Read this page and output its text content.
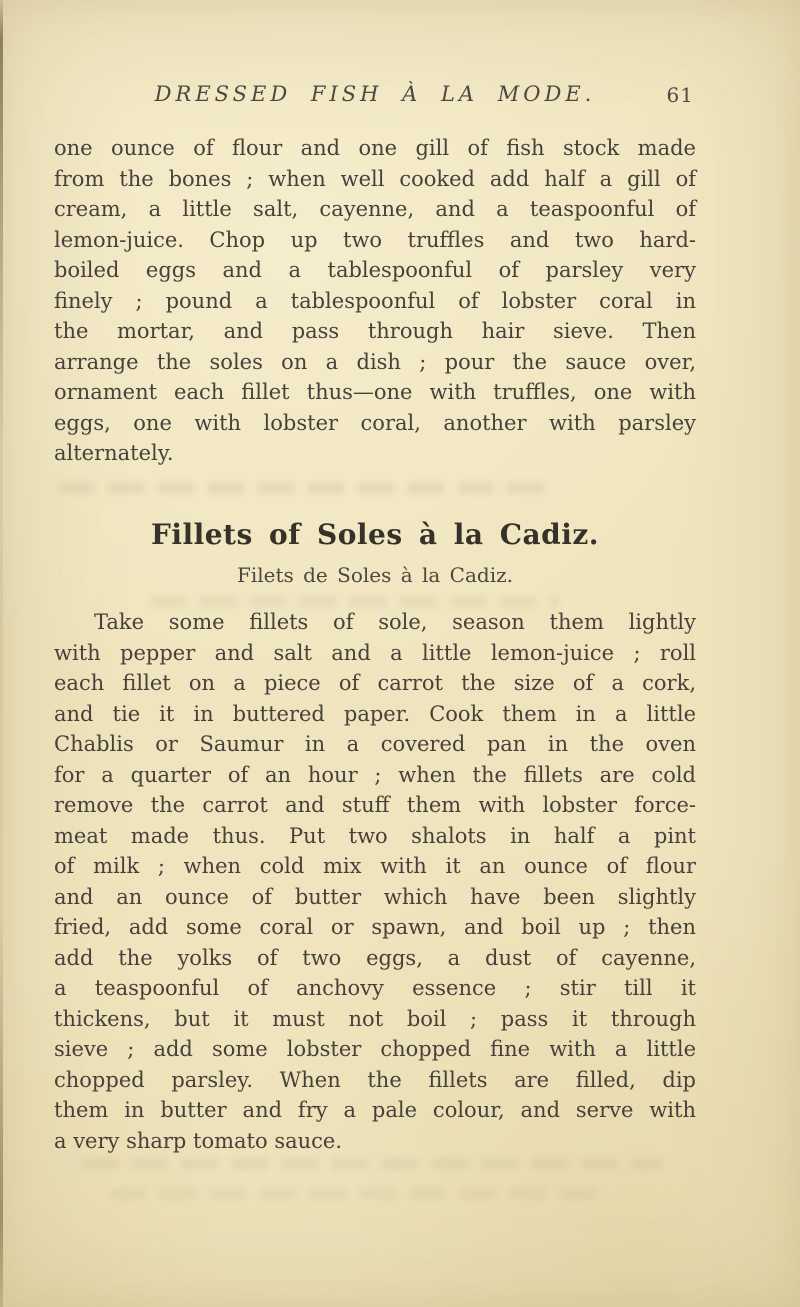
DRESSED FISH À LA MODE.	61
one ounce of flour and one gill of fish stock made
from the bones ; when well cooked add half a gill of
cream, a little salt, cayenne, and a teaspoonful of
lemon-juice. Chop up two truffles and two hard-
boiled eggs and a tablespoonful of parsley very
finely ; pound a tablespoonful of lobster coral in
the mortar, and pass through hair sieve. Then
arrange the soles on a dish ; pour the sauce over,
ornament each fillet thus—one with truffles, one with
eggs, one with lobster coral, another with parsley
alternately.
Fillets of Soles à la Cadiz.
Filets de Soles à la Cadiz.
Take some fillets of sole, season them lightly
with pepper and salt and a little lemon-juice ; roll
each fillet on a piece of carrot the size of a cork,
and tie it in buttered paper. Cook them in a little
Chablis or Saumur in a covered pan in the oven
for a quarter of an hour ; when the fillets are cold
remove the carrot and stuff them with lobster force-
meat made thus. Put two shalots in half a pint
of milk ; when cold mix with it an ounce of flour
and an ounce of butter which have been slightly
fried, add some coral or spawn, and boil up ; then
add the yolks of two eggs, a dust of cayenne,
a teaspoonful of anchovy essence ; stir till it
thickens, but it must not boil ; pass it through
sieve ; add some lobster chopped fine with a little
chopped parsley. When the fillets are filled, dip
them in butter and fry a pale colour, and serve with
a very sharp tomato sauce.
